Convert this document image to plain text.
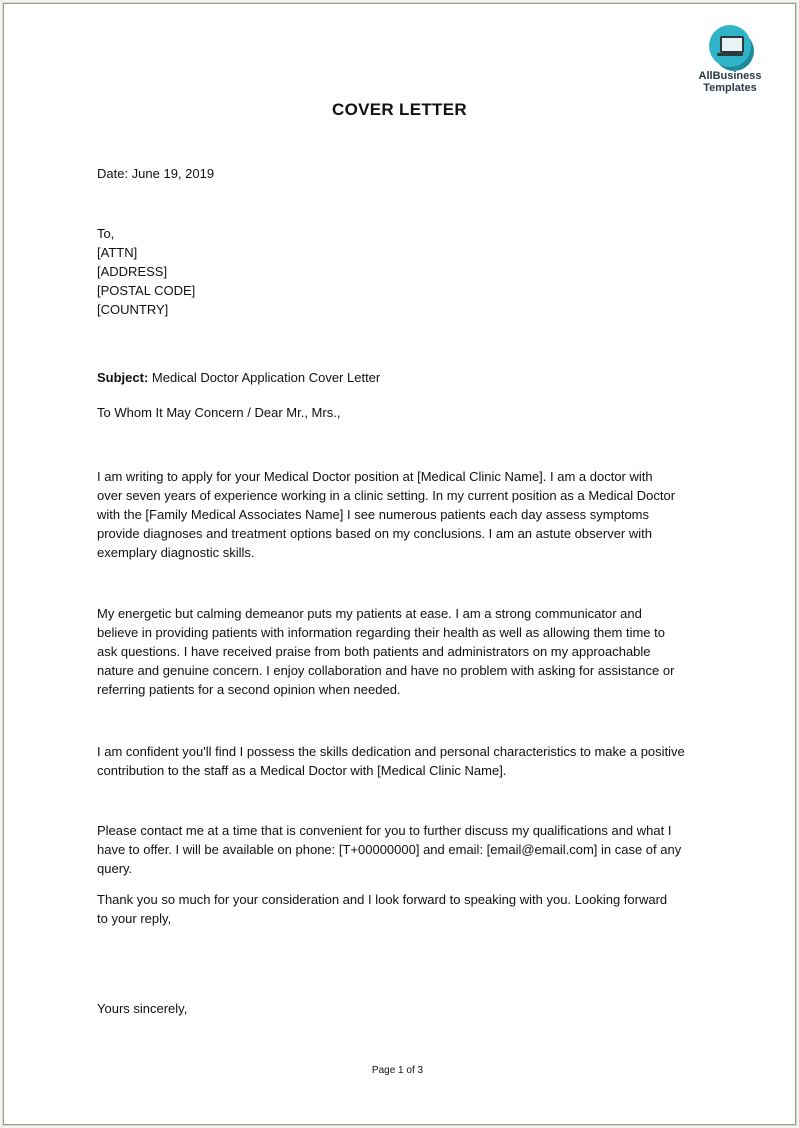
AllBusiness
Templates
COVER LETTER
Date: June 19, 2019
To,
[ATTN]
[ADDRESS]
[POSTAL CODE]
[COUNTRY]
Subject: Medical Doctor Application Cover Letter
To Whom It May Concern / Dear Mr., Mrs.,
I am writing to apply for your Medical Doctor position at [Medical Clinic Name]. I am a doctor with
over seven years of experience working in a clinic setting. In my current position as a Medical Doctor
with the [Family Medical Associates Name] I see numerous patients each day assess symptoms
provide diagnoses and treatment options based on my conclusions. I am an astute observer with
exemplary diagnostic skills.
My energetic but calming demeanor puts my patients at ease. I am a strong communicator and
believe in providing patients with information regarding their health as well as allowing them time to
ask questions. I have received praise from both patients and administrators on my approachable
nature and genuine concern. I enjoy collaboration and have no problem with asking for assistance or
referring patients for a second opinion when needed.
I am confident you'll find I possess the skills dedication and personal characteristics to make a positive
contribution to the staff as a Medical Doctor with [Medical Clinic Name].
Please contact me at a time that is convenient for you to further discuss my qualifications and what I
have to offer. I will be available on phone: [T+00000000] and email: [email@email.com] in case of any
query.
Thank you so much for your consideration and I look forward to speaking with you. Looking forward
to your reply,
Yours sincerely,
Page 1 of 3
